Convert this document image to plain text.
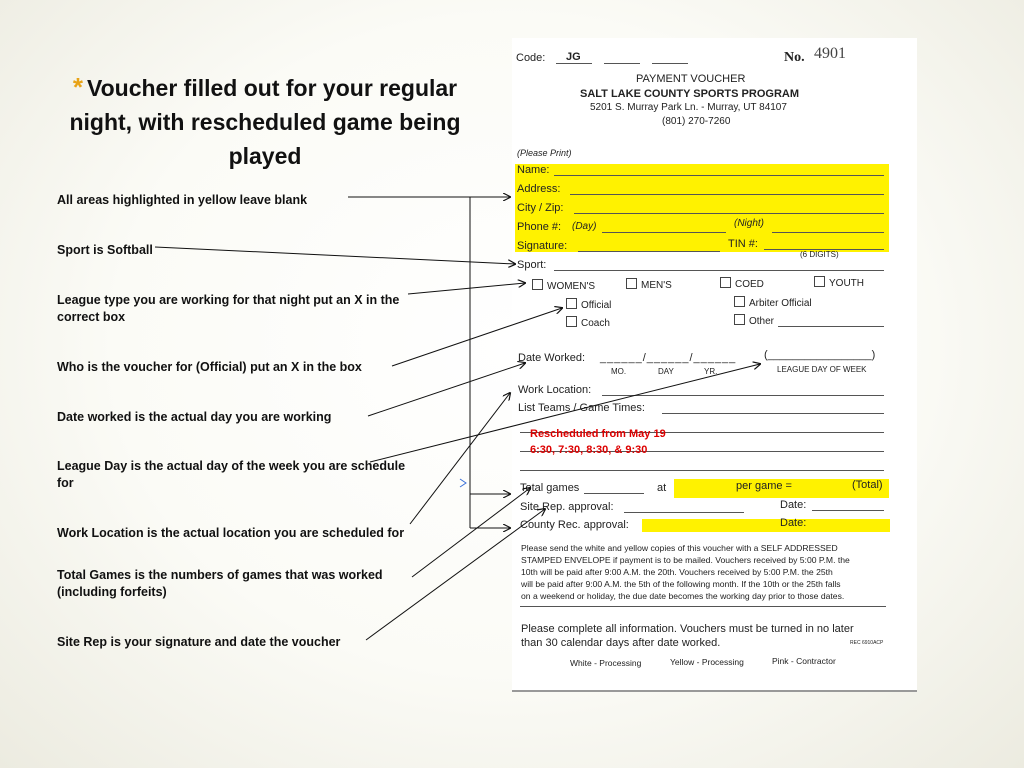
* Voucher filled out for your regular night, with rescheduled game being played
All areas highlighted in yellow leave blank
Sport is Softball
League type you are working for that night put an X in the correct box
Who is the voucher for (Official) put an X in the box
Date worked is the actual day you are working
League Day is the actual day of the week you are schedule for
Work Location is the actual location you are scheduled for
Total Games is the numbers of games that was worked (including forfeits)
Site Rep is your signature and date the voucher
Code: JG	No. 4901
PAYMENT VOUCHER
SALT LAKE COUNTY SPORTS PROGRAM
5201 S. Murray Park Ln. - Murray, UT 84107
(801) 270-7260
(Please Print)
Name:
Address:
City / Zip:
Phone #: (Day)	(Night)
Signature:	TIN #:
(6 DIGITS)
Sport:
WOMEN'S	MEN'S	COED	YOUTH
Official	Arbiter Official
Coach	Other
Date Worked: ______/______/______
MO.	DAY	YR.
(_________________)
LEAGUE DAY OF WEEK
Work Location:
List Teams / Game Times:
Rescheduled from May 19
6:30, 7:30, 8:30, & 9:30
Total games	at	per game =	(Total)
Site Rep. approval:	Date:
County Rec. approval:	Date:
Please send the white and yellow copies of this voucher with a SELF ADDRESSED
STAMPED ENVELOPE if payment is to be mailed. Vouchers received by 5:00 P.M. the
10th will be paid after 9:00 A.M. the 20th. Vouchers received by 5:00 P.M. the 25th
will be paid after 9:00 A.M. the 5th of the following month. If the 10th or the 25th falls
on a weekend or holiday, the due date becomes the working day prior to those dates.
Please complete all information. Vouchers must be turned in no later
than 30 calendar days after date worked.	REC 6910ACP
White - Processing	Yellow - Processing	Pink - Contractor
